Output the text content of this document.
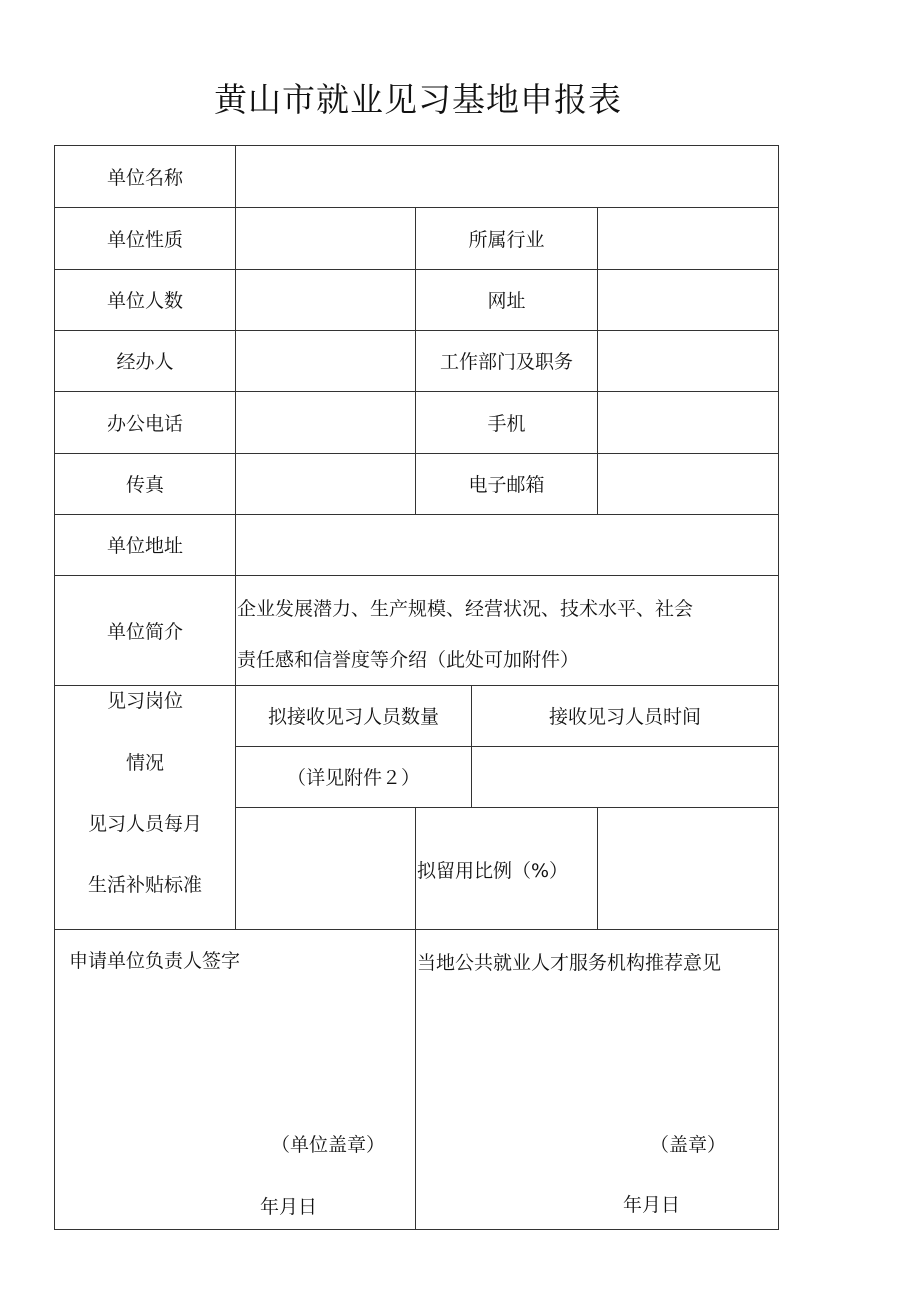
黄山市就业见习基地申报表
单位名称
单位性质
单位人数
经办人
办公电话
传真
单位地址
单位简介
所属行业
网址
工作部门及职务
手机
电子邮箱
企业发展潜力、生产规模、经营状况、技术水平、社会
责任感和信誉度等介绍（此处可加附件）
见习岗位
情况
见习人员每月
生活补贴标准
拟接收见习人员数量	接收见习人员时间
（详见附件２）
拟留用比例（%）
申请单位负责人签字
（单位盖章）
年月日
当地公共就业人才服务机构推荐意见
（盖章）
年月日
